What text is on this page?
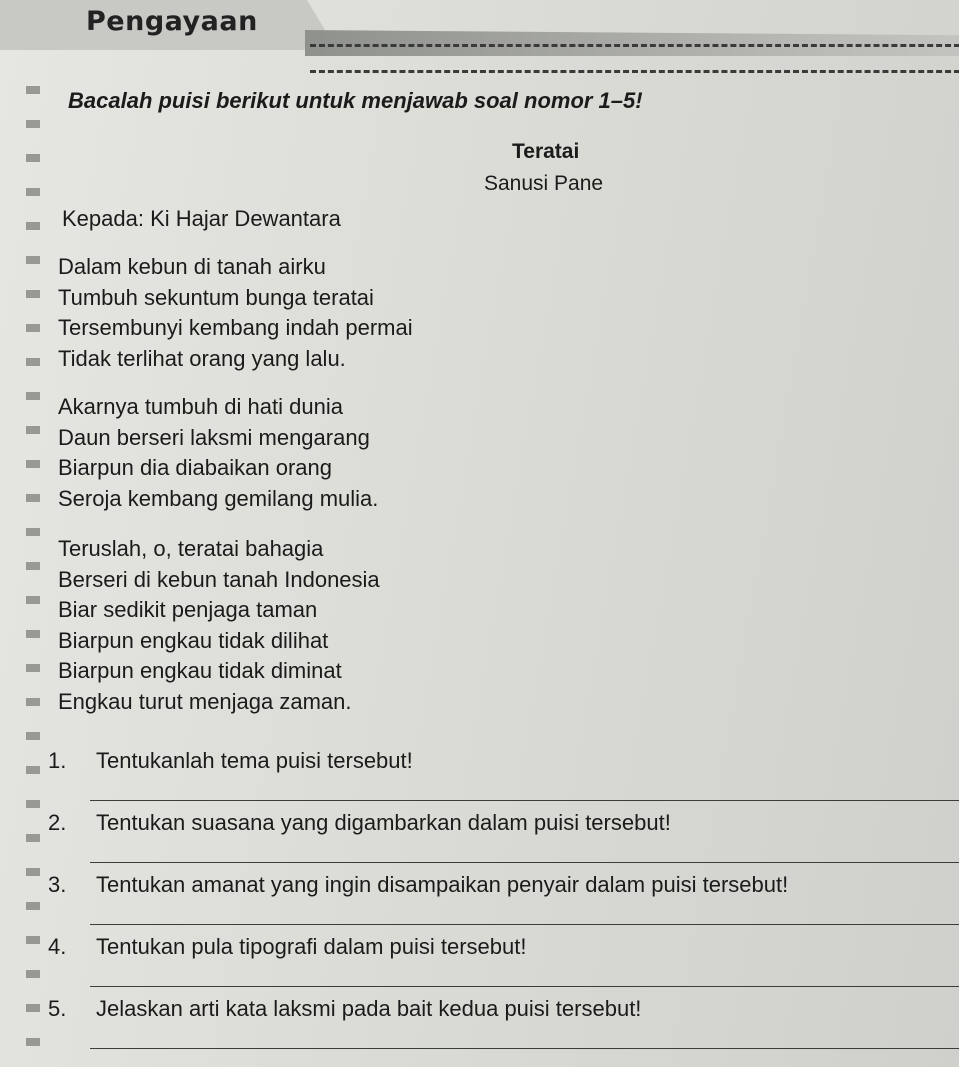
Pengayaan
Bacalah puisi berikut untuk menjawab soal nomor 1–5!
Teratai
Sanusi Pane
Kepada: Ki Hajar Dewantara
Dalam kebun di tanah airku
Tumbuh sekuntum bunga teratai
Tersembunyi kembang indah permai
Tidak terlihat orang yang lalu.
Akarnya tumbuh di hati dunia
Daun berseri laksmi mengarang
Biarpun dia diabaikan orang
Seroja kembang gemilang mulia.
Teruslah, o, teratai bahagia
Berseri di kebun tanah Indonesia
Biar sedikit penjaga taman
Biarpun engkau tidak dilihat
Biarpun engkau tidak diminat
Engkau turut menjaga zaman.
1. Tentukanlah tema puisi tersebut!
2. Tentukan suasana yang digambarkan dalam puisi tersebut!
3. Tentukan amanat yang ingin disampaikan penyair dalam puisi tersebut!
4. Tentukan pula tipografi dalam puisi tersebut!
5. Jelaskan arti kata laksmi pada bait kedua puisi tersebut!
